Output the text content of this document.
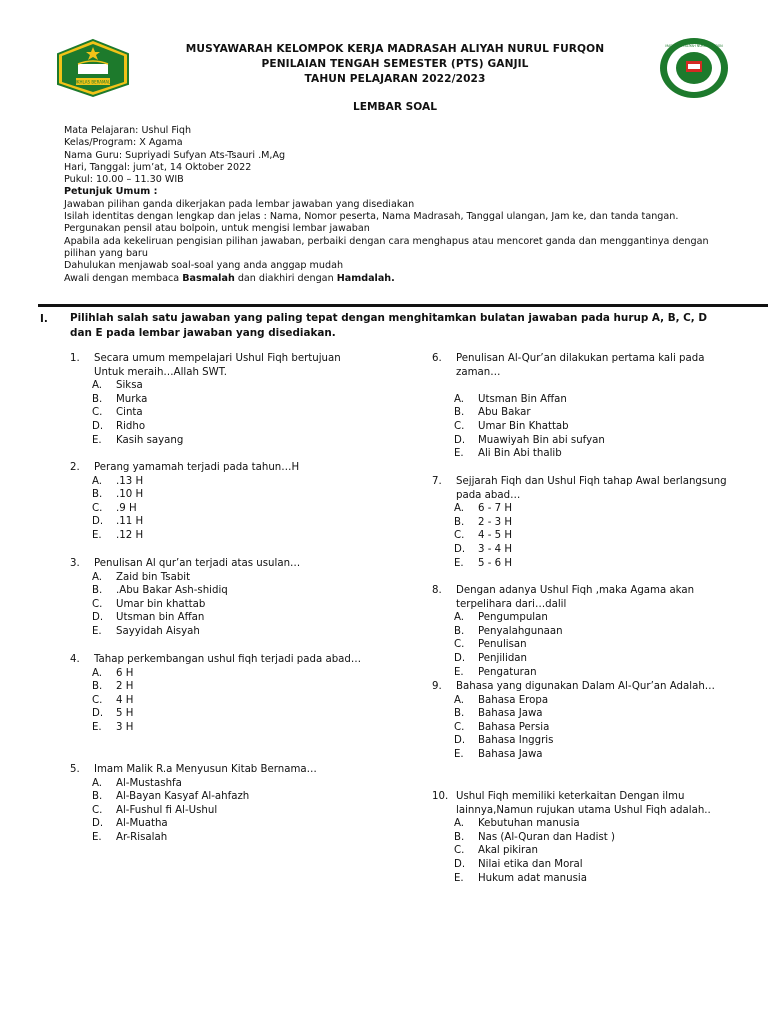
IKHLAS BERAMAL
MADRASAH ALIYAH NURUL FURQON
MUSYAWARAH KELOMPOK KERJA MADRASAH ALIYAH NURUL FURQON
PENILAIAN TENGAH SEMESTER (PTS) GANJIL
TAHUN PELAJARAN 2022/2023
LEMBAR SOAL
Mata Pelajaran: Ushul Fiqh
Kelas/Program: X Agama
Nama Guru: Supriyadi Sufyan Ats-Tsauri .M,Ag
Hari, Tanggal: jum’at, 14 Oktober 2022
Pukul: 10.00 – 11.30 WIB
Petunjuk Umum :
Jawaban pilihan ganda dikerjakan pada lembar jawaban yang disediakan
Isilah identitas dengan lengkap dan jelas : Nama, Nomor peserta, Nama Madrasah, Tanggal ulangan, Jam ke, dan tanda tangan.
Pergunakan pensil atau bolpoin, untuk mengisi lembar jawaban
Apabila ada kekeliruan pengisian pilihan jawaban, perbaiki dengan cara menghapus atau mencoret ganda dan menggantinya dengan pilihan yang baru
Dahulukan menjawab soal-soal yang anda anggap mudah
Awali dengan membaca Basmalah dan diakhiri dengan Hamdalah.
I. Pilihlah salah satu jawaban yang paling tepat dengan menghitamkan bulatan jawaban pada hurup A, B, C, D dan E pada lembar jawaban yang disediakan.
1. Secara umum mempelajari Ushul Fiqh bertujuan Untuk meraih…Allah SWT.
A. Siksa
B. Murka
C. Cinta
D. Ridho
E. Kasih sayang
2. Perang yamamah terjadi pada tahun…H
A. .13 H
B. .10 H
C. .9 H
D. .11 H
E. .12 H
3. Penulisan Al qur’an terjadi atas usulan…
A. Zaid bin Tsabit
B. .Abu Bakar Ash-shidiq
C. Umar bin khattab
D. Utsman bin Affan
E. Sayyidah Aisyah
4. Tahap perkembangan ushul fiqh terjadi pada abad…
A. 6 H
B. 2 H
C. 4 H
D. 5 H
E. 3 H
5. Imam Malik R.a Menyusun Kitab Bernama…
A. Al-Mustashfa
B. Al-Bayan Kasyaf Al-ahfazh
C. Al-Fushul fi Al-Ushul
D. Al-Muatha
E. Ar-Risalah
6. Penulisan Al-Qur’an dilakukan pertama kali pada zaman…
A. Utsman Bin Affan
B. Abu Bakar
C. Umar Bin Khattab
D. Muawiyah Bin abi sufyan
E. Ali Bin Abi thalib
7. Sejjarah Fiqh dan Ushul Fiqh tahap Awal berlangsung pada abad…
A. 6 - 7 H
B. 2 - 3 H
C. 4 - 5 H
D. 3 - 4 H
E. 5 - 6 H
8. Dengan adanya Ushul Fiqh ,maka Agama akan terpelihara dari…dalil
A. Pengumpulan
B. Penyalahgunaan
C. Penulisan
D. Penjilidan
E. Pengaturan
9. Bahasa yang digunakan Dalam Al-Qur’an Adalah…
A. Bahasa Eropa
B. Bahasa Jawa
C. Bahasa Persia
D. Bahasa Inggris
E. Bahasa Jawa
10. Ushul Fiqh memiliki keterkaitan Dengan ilmu lainnya,Namun rujukan utama Ushul Fiqh adalah..
A. Kebutuhan manusia
B. Nas (Al-Quran dan Hadist )
C. Akal pikiran
D. Nilai etika dan Moral
E. Hukum adat manusia
